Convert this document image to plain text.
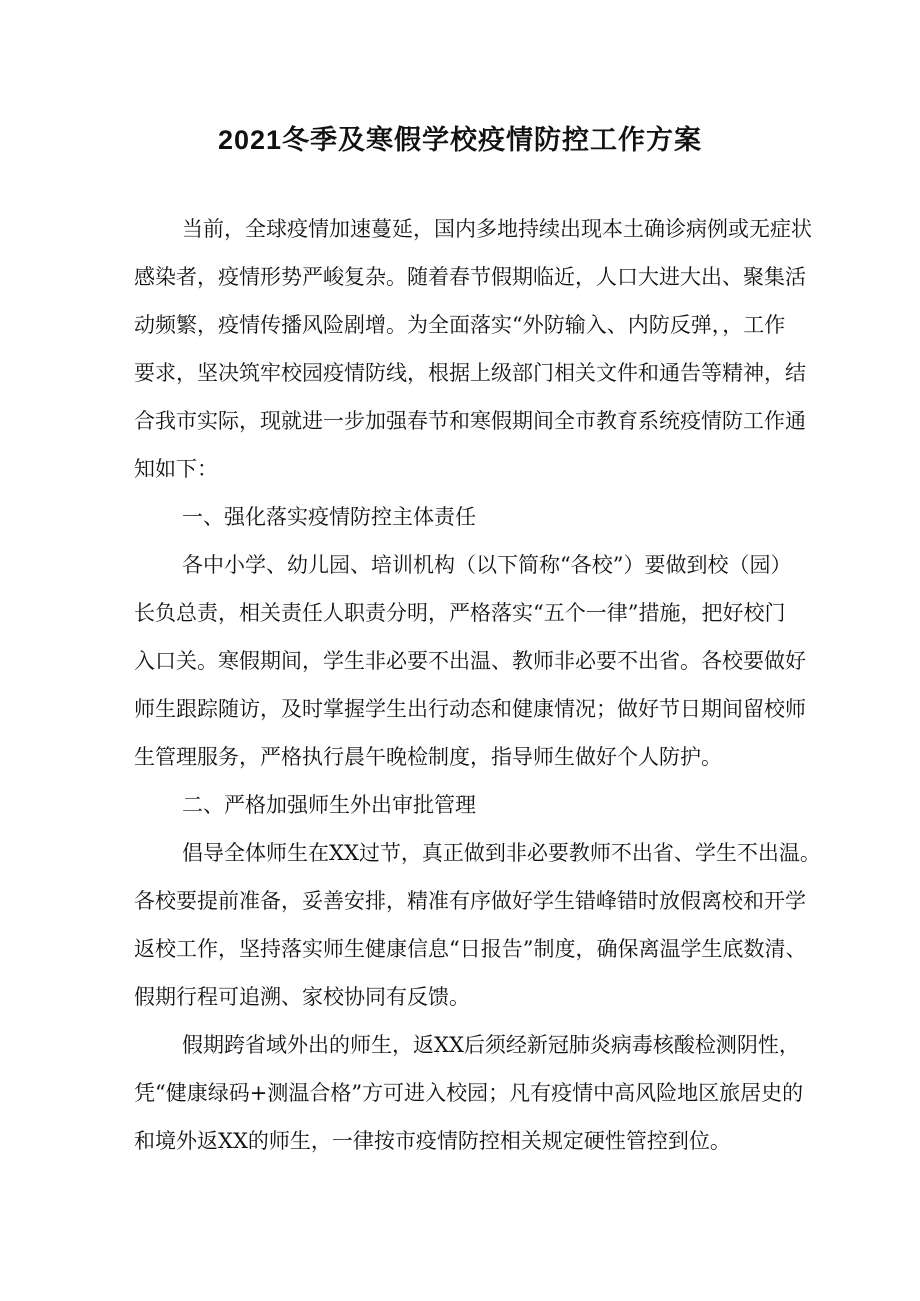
2021冬季及寒假学校疫情防控工作方案
当前，全球疫情加速蔓延，国内多地持续出现本土确诊病例或无症状
感染者，疫情形势严峻复杂。随着春节假期临近，人口大进大出、聚集活
动频繁，疫情传播风险剧增。为全面落实“外防输入、内防反弹，，工作
要求，坚决筑牢校园疫情防线，根据上级部门相关文件和通告等精神，结
合我市实际，现就进一步加强春节和寒假期间全市教育系统疫情防工作通
知如下：
一、强化落实疫情防控主体责任
各中小学、幼儿园、培训机构（以下简称“各校”）要做到校（园）
长负总责，相关责任人职责分明，严格落实“五个一律”措施，把好校门
入口关。寒假期间，学生非必要不出温、教师非必要不出省。各校要做好
师生跟踪随访，及时掌握学生出行动态和健康情况；做好节日期间留校师
生管理服务，严格执行晨午晚检制度，指导师生做好个人防护。
二、严格加强师生外出审批管理
倡导全体师生在XX过节，真正做到非必要教师不出省、学生不出温。
各校要提前准备，妥善安排，精准有序做好学生错峰错时放假离校和开学
返校工作，坚持落实师生健康信息“日报告”制度，确保离温学生底数清、
假期行程可追溯、家校协同有反馈。
假期跨省域外出的师生，返XX后须经新冠肺炎病毒核酸检测阴性，
凭“健康绿码+测温合格”方可进入校园；凡有疫情中高风险地区旅居史的
和境外返XX的师生，一律按市疫情防控相关规定硬性管控到位。
